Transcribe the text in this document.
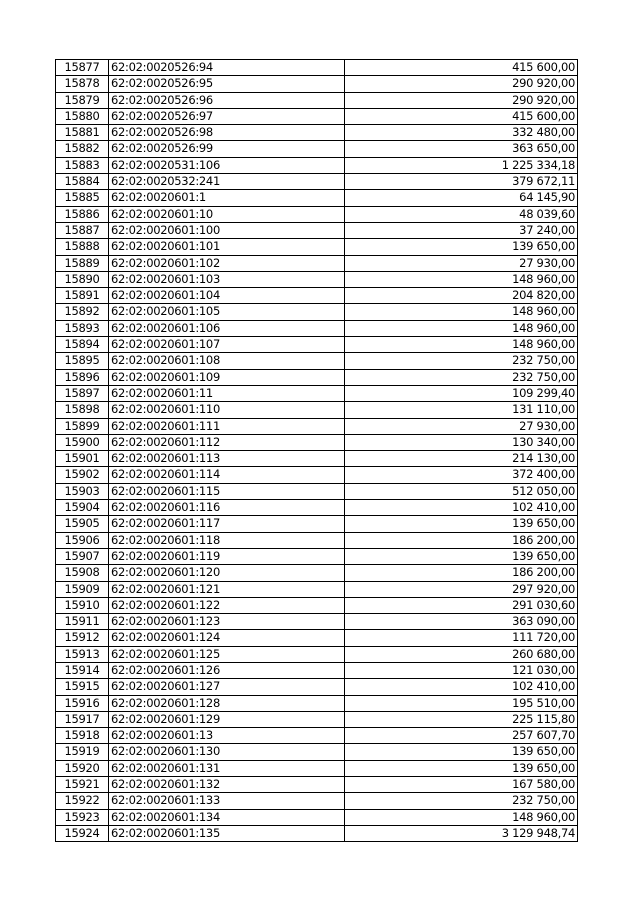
15877	62:02:0020526:94	415 600,00
15878	62:02:0020526:95	290 920,00
15879	62:02:0020526:96	290 920,00
15880	62:02:0020526:97	415 600,00
15881	62:02:0020526:98	332 480,00
15882	62:02:0020526:99	363 650,00
15883	62:02:0020531:106	1 225 334,18
15884	62:02:0020532:241	379 672,11
15885	62:02:0020601:1	64 145,90
15886	62:02:0020601:10	48 039,60
15887	62:02:0020601:100	37 240,00
15888	62:02:0020601:101	139 650,00
15889	62:02:0020601:102	27 930,00
15890	62:02:0020601:103	148 960,00
15891	62:02:0020601:104	204 820,00
15892	62:02:0020601:105	148 960,00
15893	62:02:0020601:106	148 960,00
15894	62:02:0020601:107	148 960,00
15895	62:02:0020601:108	232 750,00
15896	62:02:0020601:109	232 750,00
15897	62:02:0020601:11	109 299,40
15898	62:02:0020601:110	131 110,00
15899	62:02:0020601:111	27 930,00
15900	62:02:0020601:112	130 340,00
15901	62:02:0020601:113	214 130,00
15902	62:02:0020601:114	372 400,00
15903	62:02:0020601:115	512 050,00
15904	62:02:0020601:116	102 410,00
15905	62:02:0020601:117	139 650,00
15906	62:02:0020601:118	186 200,00
15907	62:02:0020601:119	139 650,00
15908	62:02:0020601:120	186 200,00
15909	62:02:0020601:121	297 920,00
15910	62:02:0020601:122	291 030,60
15911	62:02:0020601:123	363 090,00
15912	62:02:0020601:124	111 720,00
15913	62:02:0020601:125	260 680,00
15914	62:02:0020601:126	121 030,00
15915	62:02:0020601:127	102 410,00
15916	62:02:0020601:128	195 510,00
15917	62:02:0020601:129	225 115,80
15918	62:02:0020601:13	257 607,70
15919	62:02:0020601:130	139 650,00
15920	62:02:0020601:131	139 650,00
15921	62:02:0020601:132	167 580,00
15922	62:02:0020601:133	232 750,00
15923	62:02:0020601:134	148 960,00
15924	62:02:0020601:135	3 129 948,74
